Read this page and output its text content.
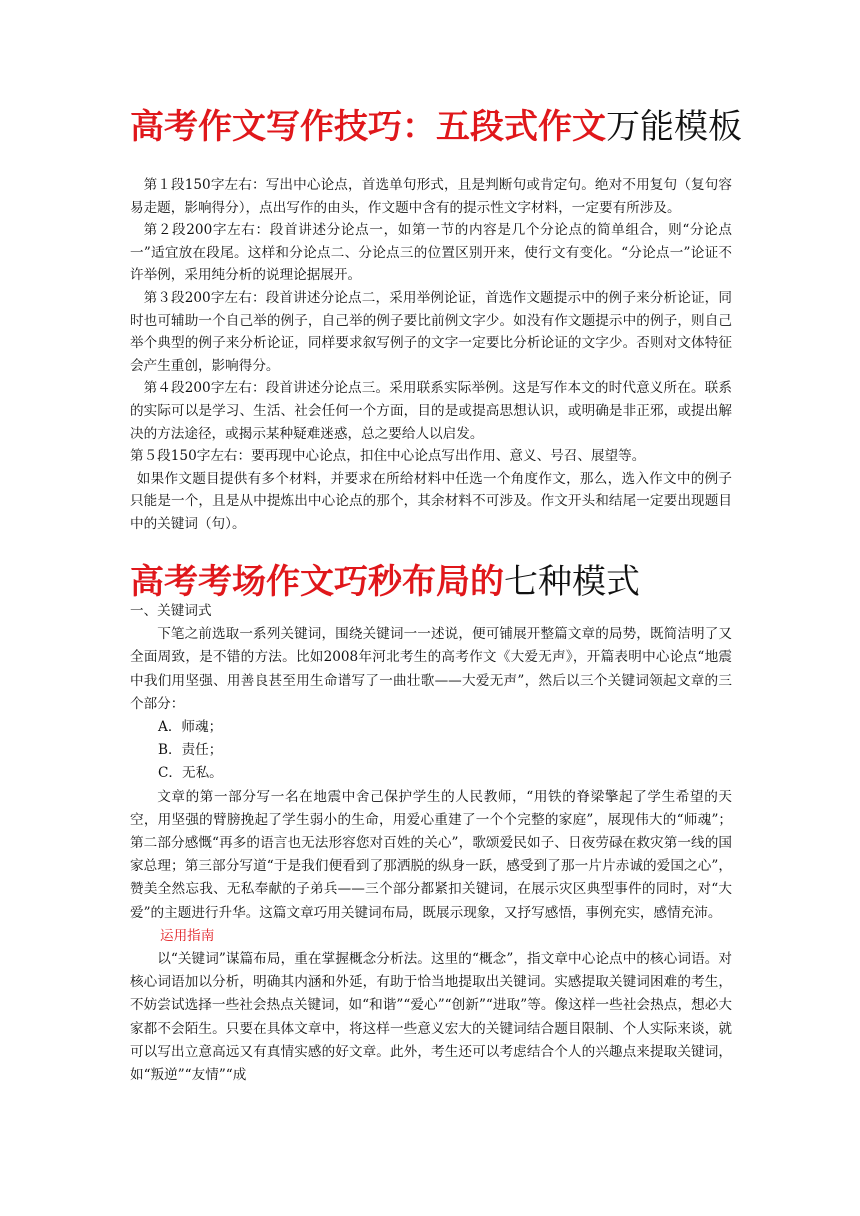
高考作文写作技巧：五段式作文万能模板

第１段150字左右：写出中心论点，首选单句形式，且是判断句或肯定句。绝对不用复句（复句容易走题，影响得分），点出写作的由头，作文题中含有的提示性文字材料，一定要有所涉及。

第２段200字左右：段首讲述分论点一，如第一节的内容是几个分论点的简单组合，则“分论点一”适宜放在段尾。这样和分论点二、分论点三的位置区别开来，使行文有变化。“分论点一”论证不许举例，采用纯分析的说理论据展开。

第３段200字左右：段首讲述分论点二，采用举例论证，首选作文题提示中的例子来分析论证，同时也可辅助一个自己举的例子，自己举的例子要比前例文字少。如没有作文题提示中的例子，则自己举个典型的例子来分析论证，同样要求叙写例子的文字一定要比分析论证的文字少。否则对文体特征会产生重创，影响得分。

第４段200字左右：段首讲述分论点三。采用联系实际举例。这是写作本文的时代意义所在。联系的实际可以是学习、生活、社会任何一个方面，目的是或提高思想认识，或明确是非正邪，或提出解决的方法途径，或揭示某种疑难迷惑，总之要给人以启发。

第５段150字左右：要再现中心论点，扣住中心论点写出作用、意义、号召、展望等。

如果作文题目提供有多个材料，并要求在所给材料中任选一个角度作文，那么，选入作文中的例子只能是一个，且是从中提炼出中心论点的那个，其余材料不可涉及。作文开头和结尾一定要出现题目中的关键词（句）。

高考考场作文巧秒布局的七种模式

一、关键词式

下笔之前选取一系列关键词，围绕关键词一一述说，便可铺展开整篇文章的局势，既简洁明了又全面周致，是不错的方法。比如2008年河北考生的高考作文《大爱无声》，开篇表明中心论点“地震中我们用坚强、用善良甚至用生命谱写了一曲壮歌——大爱无声”，然后以三个关键词领起文章的三个部分：

A．师魂；

B．责任；

C．无私。

文章的第一部分写一名在地震中舍己保护学生的人民教师，“用铁的脊梁擎起了学生希望的天空，用坚强的臂膀挽起了学生弱小的生命，用爱心重建了一个个完整的家庭”，展现伟大的“师魂”；第二部分感慨“再多的语言也无法形容您对百姓的关心”，歌颂爱民如子、日夜劳碌在救灾第一线的国家总理；第三部分写道“于是我们便看到了那洒脱的纵身一跃，感受到了那一片片赤诚的爱国之心”，赞美全然忘我、无私奉献的子弟兵——三个部分都紧扣关键词，在展示灾区典型事件的同时，对“大爱”的主题进行升华。这篇文章巧用关键词布局，既展示现象，又抒写感悟，事例充实，感情充沛。

运用指南

以“关键词”谋篇布局，重在掌握概念分析法。这里的“概念”，指文章中心论点中的核心词语。对核心词语加以分析，明确其内涵和外延，有助于恰当地提取出关键词。实感提取关键词困难的考生，不妨尝试选择一些社会热点关键词，如“和谐”“爱心”“创新”“进取”等。像这样一些社会热点，想必大家都不会陌生。只要在具体文章中，将这样一些意义宏大的关键词结合题目限制、个人实际来谈，就可以写出立意高远又有真情实感的好文章。此外，考生还可以考虑结合个人的兴趣点来提取关键词，如“叛逆”“友情”“成
